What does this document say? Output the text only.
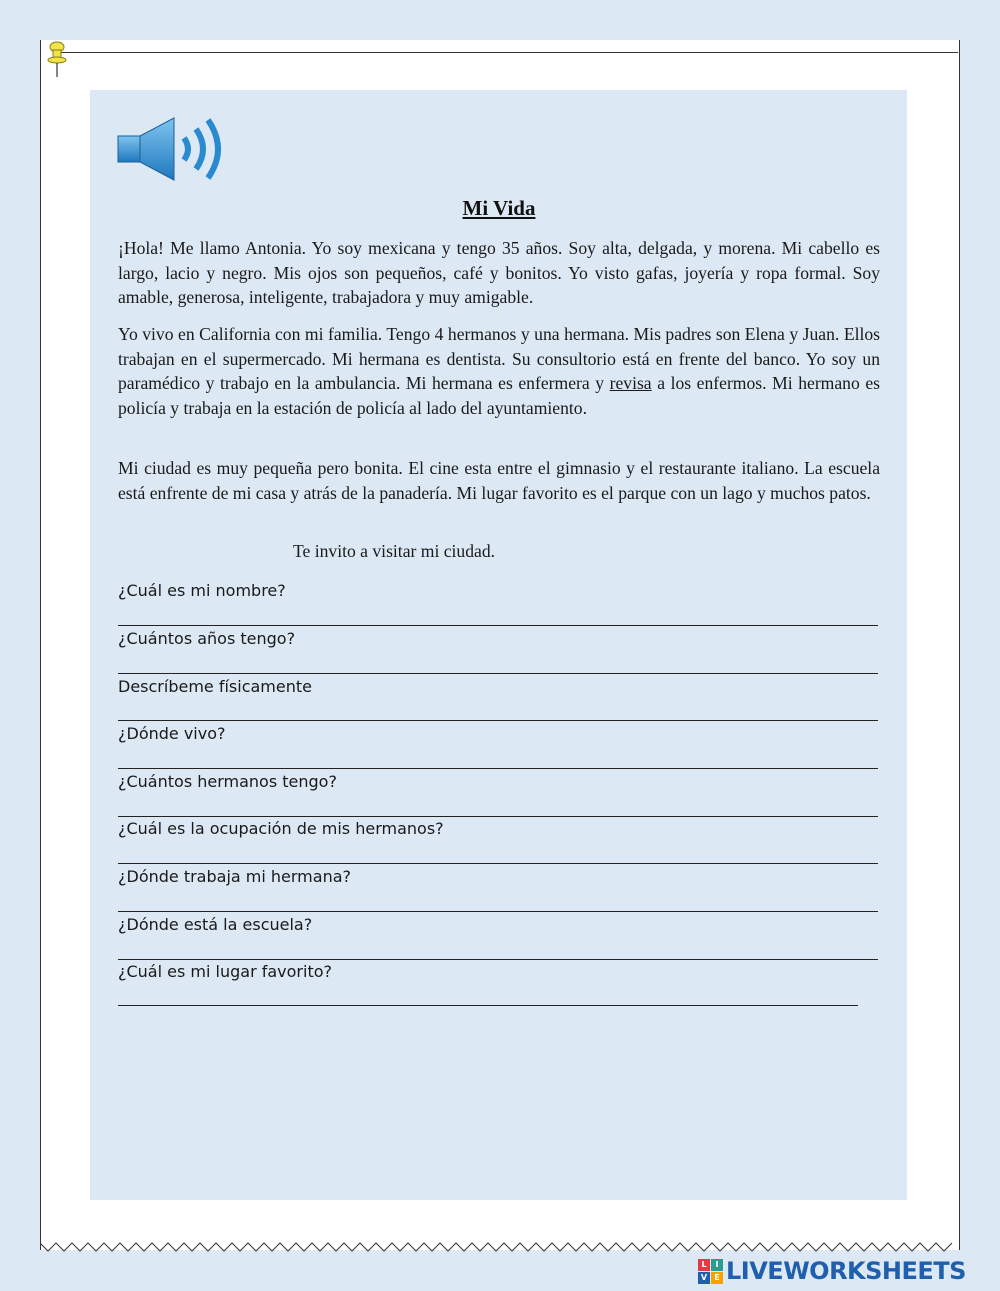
Mi Vida

¡Hola! Me llamo Antonia. Yo soy mexicana y tengo 35 años. Soy alta, delgada, y morena. Mi cabello es largo, lacio y negro. Mis ojos son pequeños, café y bonitos. Yo visto gafas, joyería y ropa formal. Soy amable, generosa, inteligente, trabajadora y muy amigable.

Yo vivo en California con mi familia. Tengo 4 hermanos y una hermana. Mis padres son Elena y Juan. Ellos trabajan en el supermercado. Mi hermana es dentista. Su consultorio está en frente del banco. Yo soy un paramédico y trabajo en la ambulancia. Mi hermana es enfermera y revisa a los enfermos. Mi hermano es policía y trabaja en la estación de policía al lado del ayuntamiento.

Mi ciudad es muy pequeña pero bonita. El cine esta entre el gimnasio y el restaurante italiano. La escuela está enfrente de mi casa y atrás de la panadería. Mi lugar favorito es el parque con un lago y muchos patos.

Te invito a visitar mi ciudad.
¿Cuál es mi nombre?
¿Cuántos años tengo?
Descríbeme físicamente
¿Dónde vivo?
¿Cuántos hermanos tengo?
¿Cuál es la ocupación de mis hermanos?
¿Dónde trabaja mi hermana?
¿Dónde está la escuela?
¿Cuál es mi lugar favorito?
L	I
V E LIVEWORKSHEETS
